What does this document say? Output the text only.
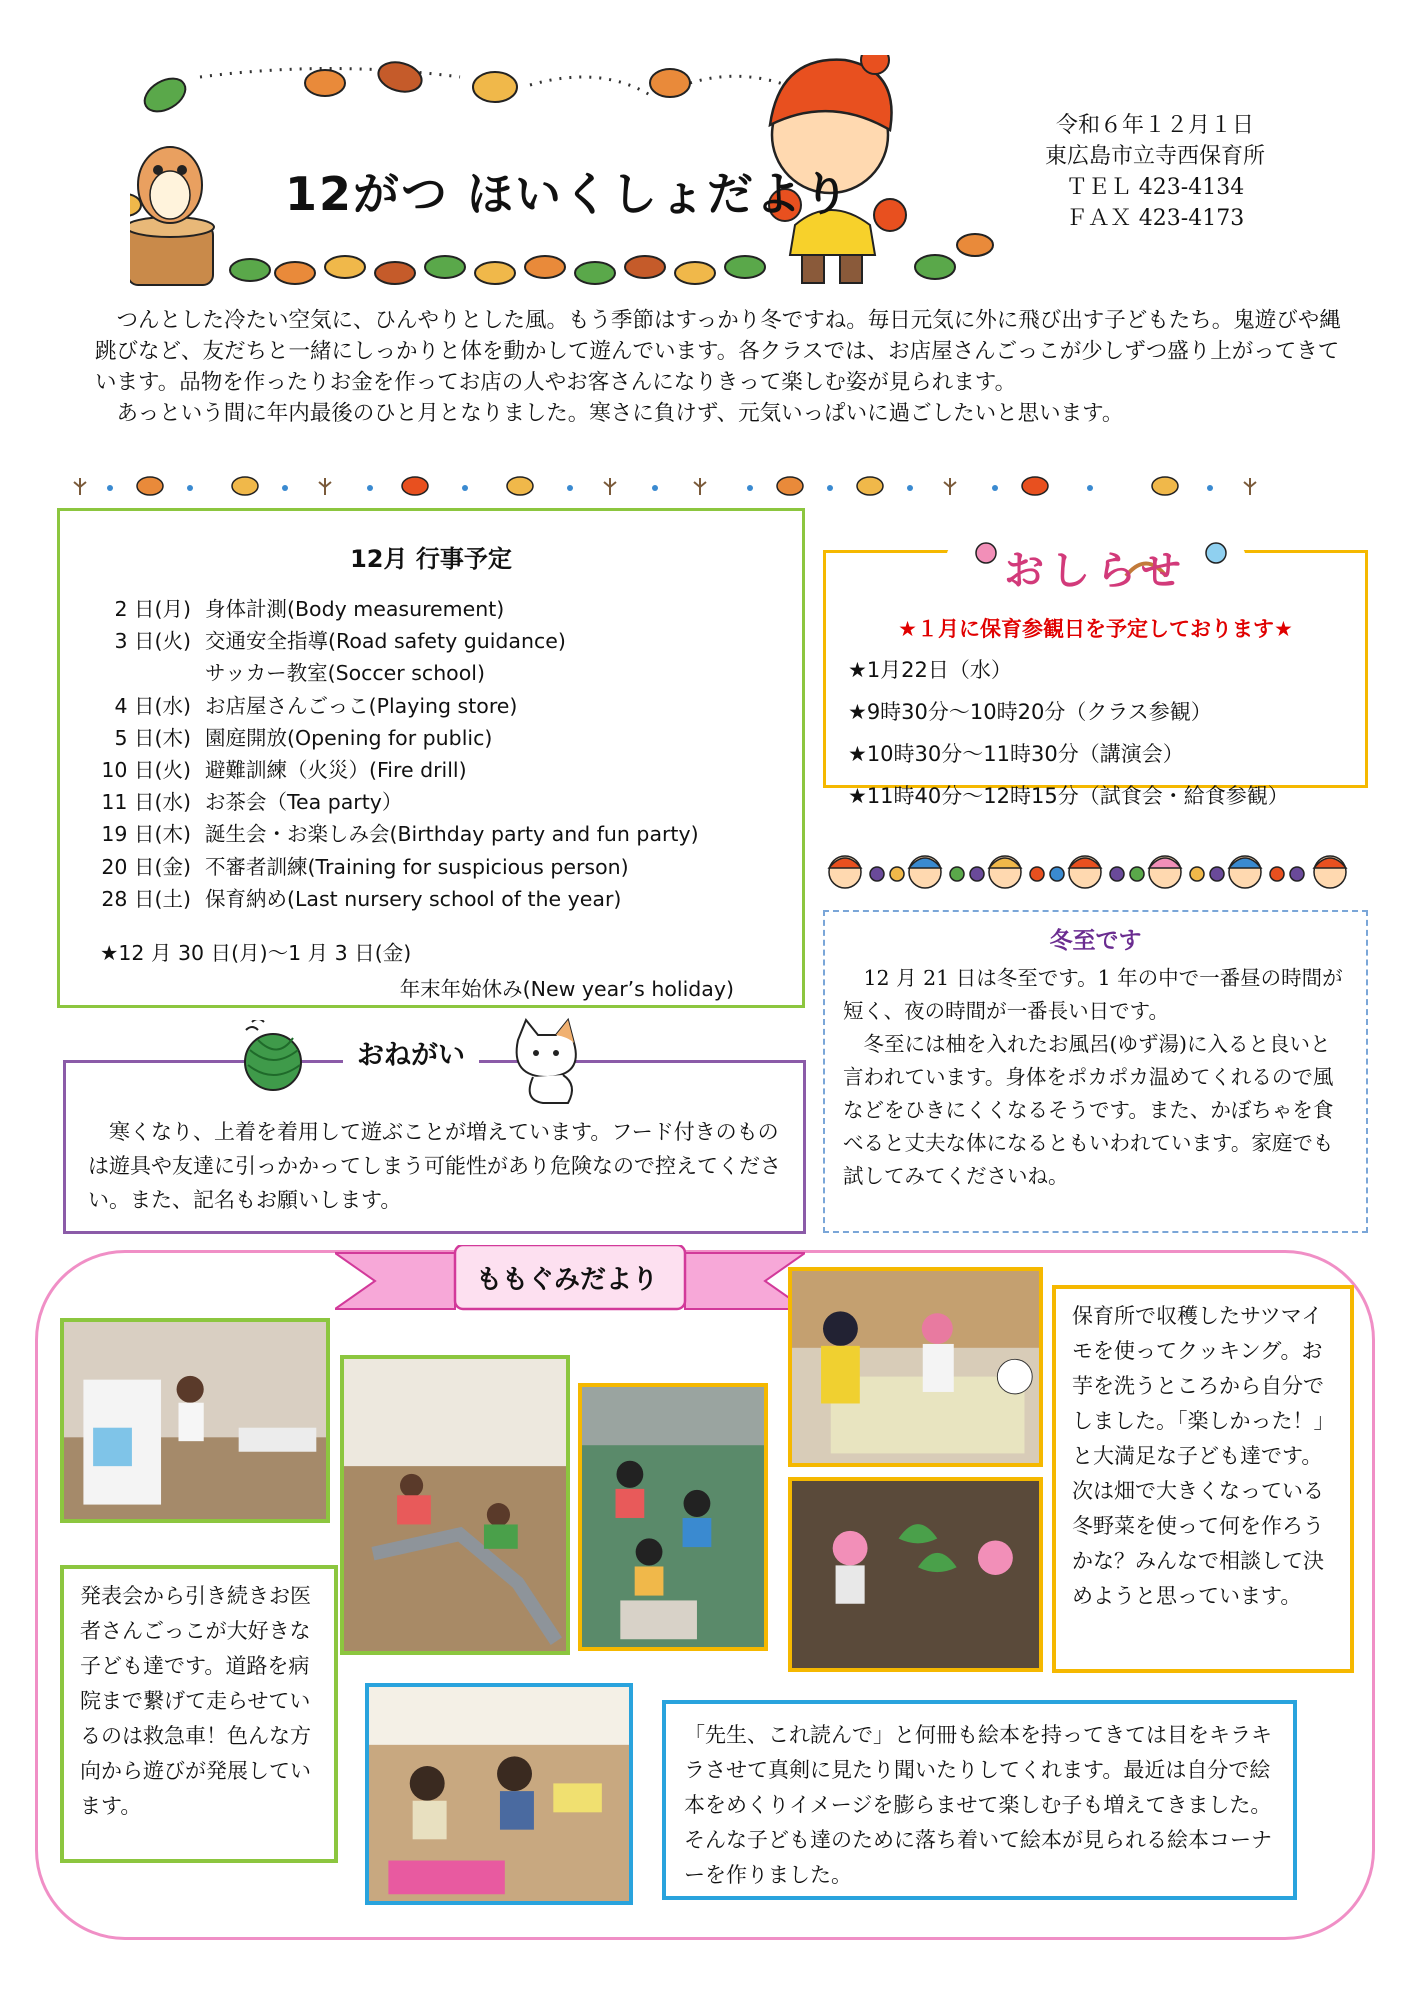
12がつ ほいくしょだより
令和６年１２月１日
東広島市立寺西保育所
ＴＥＬ 423-4134
ＦＡＸ 423-4173

つんとした冷たい空気に、ひんやりとした風。もう季節はすっかり冬ですね。毎日元気に外に飛び出す子どもたち。鬼遊びや縄跳びなど、友だちと一緒にしっかりと体を動かして遊んでいます。各クラスでは、お店屋さんごっこが少しずつ盛り上がってきています。品物を作ったりお金を作ってお店の人やお客さんになりきって楽しむ姿が見られます。

あっという間に年内最後のひと月となりました。寒さに負けず、元気いっぱいに過ごしたいと思います。

12月 行事予定
2 日(月) 身体計測(Body measurement)
3 日(火) 交通安全指導(Road safety guidance)
サッカー教室(Soccer school)
4 日(水) お店屋さんごっこ(Playing store)
5 日(木) 園庭開放(Opening for public)
10 日(火) 避難訓練（火災）(Fire drill)
11 日(水) お茶会（Tea party）
19 日(木) 誕生会・お楽しみ会(Birthday party and fun party)
20 日(金) 不審者訓練(Training for suspicious person)
28 日(土) 保育納め(Last nursery school of the year)
★12 月 30 日(月)～1 月 3 日(金)
年末年始休み(New year’s holiday)
おしらせ
★１月に保育参観日を予定しております★
★1月22日（水）
★9時30分～10時20分（クラス参観）
★10時30分～11時30分（講演会）
★11時40分～12時15分（試食会・給食参観）
冬至です

12 月 21 日は冬至です。1 年の中で一番昼の時間が短く、夜の時間が一番長い日です。

冬至には柚を入れたお風呂(ゆず湯)に入ると良いと言われています。身体をポカポカ温めてくれるので風などをひきにくくなるそうです。また、かぼちゃを食べると丈夫な体になるともいわれています。家庭でも試してみてくださいね。

寒くなり、上着を着用して遊ぶことが増えています。フード付きのものは遊具や友達に引っかかってしまう可能性があり危険なので控えてください。また、記名もお願いします。

おねがい
ももぐみだより
発表会から引き続きお医者さんごっこが大好きな子ども達です。道路を病院まで繋げて走らせているのは救急車！色んな方向から遊びが発展しています。
保育所で収穫したサツマイモを使ってクッキング。お芋を洗うところから自分でしました。「楽しかった！」と大満足な子ども達です。次は畑で大きくなっている冬野菜を使って何を作ろうかな？みんなで相談して決めようと思っています。
「先生、これ読んで」と何冊も絵本を持ってきては目をキラキラさせて真剣に見たり聞いたりしてくれます。最近は自分で絵本をめくりイメージを膨らませて楽しむ子も増えてきました。そんな子ども達のために落ち着いて絵本が見られる絵本コーナーを作りました。
